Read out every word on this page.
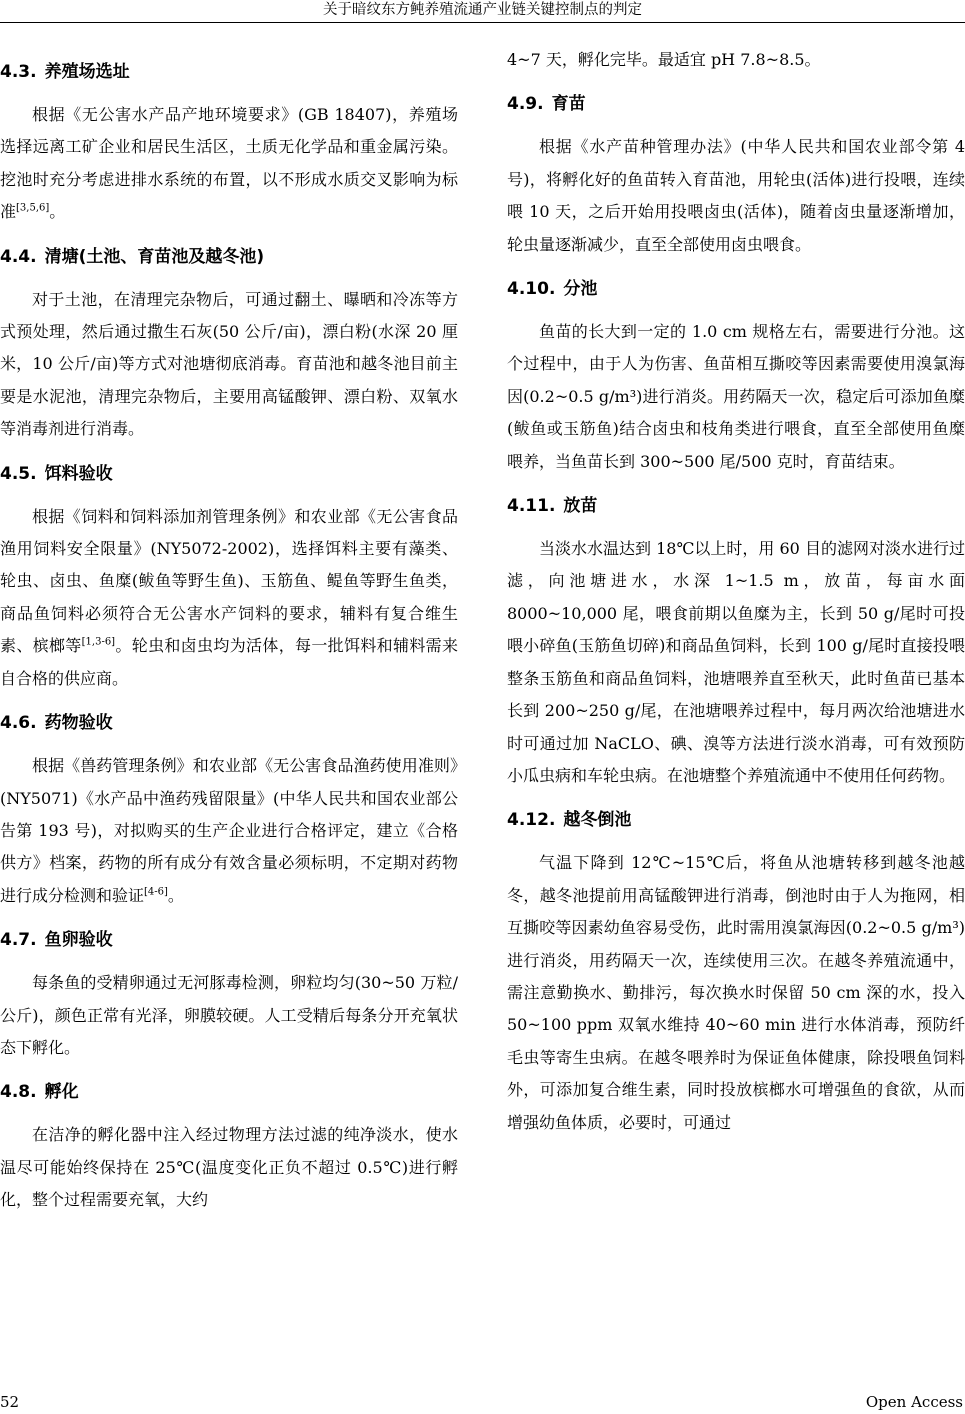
关于暗纹东方鲀养殖流通产业链关键控制点的判定
4.3. 养殖场选址

根据《无公害水产品产地环境要求》(GB 18407)，养殖场选择远离工矿企业和居民生活区，土质无化学品和重金属污染。挖池时充分考虑进排水系统的布置，以不形成水质交叉影响为标准[3,5,6]。

4.4. 清塘(土池、育苗池及越冬池)

对于土池，在清理完杂物后，可通过翻土、曝晒和冷冻等方式预处理，然后通过撒生石灰(50 公斤/亩)，漂白粉(水深 20 厘米，10 公斤/亩)等方式对池塘彻底消毒。育苗池和越冬池目前主要是水泥池，清理完杂物后，主要用高锰酸钾、漂白粉、双氧水等消毒剂进行消毒。

4.5. 饵料验收

根据《饲料和饲料添加剂管理条例》和农业部《无公害食品渔用饲料安全限量》(NY5072-2002)，选择饵料主要有藻类、轮虫、卤虫、鱼糜(鲅鱼等野生鱼)、玉筋鱼、鳀鱼等野生鱼类，商品鱼饲料必须符合无公害水产饲料的要求，辅料有复合维生素、槟榔等[1,3-6]。轮虫和卤虫均为活体，每一批饵料和辅料需来自合格的供应商。

4.6. 药物验收

根据《兽药管理条例》和农业部《无公害食品渔药使用准则》(NY5071)《水产品中渔药残留限量》(中华人民共和国农业部公告第 193 号)，对拟购买的生产企业进行合格评定，建立《合格供方》档案，药物的所有成分有效含量必须标明，不定期对药物进行成分检测和验证[4-6]。

4.7. 鱼卵验收

每条鱼的受精卵通过无河豚毒检测，卵粒均匀(30~50 万粒/公斤)，颜色正常有光泽，卵膜较硬。人工受精后每条分开充氧状态下孵化。

4.8. 孵化

在洁净的孵化器中注入经过物理方法过滤的纯净淡水，使水温尽可能始终保持在 25℃(温度变化正负不超过 0.5℃)进行孵化，整个过程需要充氧，大约

4~7 天，孵化完毕。最适宜 pH 7.8~8.5。

4.9. 育苗

根据《水产苗种管理办法》(中华人民共和国农业部令第 4 号)，将孵化好的鱼苗转入育苗池，用轮虫(活体)进行投喂，连续喂 10 天，之后开始用投喂卤虫(活体)，随着卤虫量逐渐增加，轮虫量逐渐减少，直至全部使用卤虫喂食。

4.10. 分池

鱼苗的长大到一定的 1.0 cm 规格左右，需要进行分池。这个过程中，由于人为伤害、鱼苗相互撕咬等因素需要使用溴氯海因(0.2~0.5 g/m³)进行消炎。用药隔天一次，稳定后可添加鱼糜(鲅鱼或玉筋鱼)结合卤虫和枝角类进行喂食，直至全部使用鱼糜喂养，当鱼苗长到 300~500 尾/500 克时，育苗结束。

4.11. 放苗

当淡水水温达到 18℃以上时，用 60 目的滤网对淡水进行过滤，向池塘进水，水深 1~1.5 m，放苗，每亩水面 8000~10,000 尾，喂食前期以鱼糜为主，长到 50 g/尾时可投喂小碎鱼(玉筋鱼切碎)和商品鱼饲料，长到 100 g/尾时直接投喂整条玉筋鱼和商品鱼饲料，池塘喂养直至秋天，此时鱼苗已基本长到 200~250 g/尾，在池塘喂养过程中，每月两次给池塘进水时可通过加 NaCLO、碘、溴等方法进行淡水消毒，可有效预防小瓜虫病和车轮虫病。在池塘整个养殖流通中不使用任何药物。

4.12. 越冬倒池

气温下降到 12℃~15℃后，将鱼从池塘转移到越冬池越冬，越冬池提前用高锰酸钾进行消毒，倒池时由于人为拖网，相互撕咬等因素幼鱼容易受伤，此时需用溴氯海因(0.2~0.5 g/m³)进行消炎，用药隔天一次，连续使用三次。在越冬养殖流通中，需注意勤换水、勤排污，每次换水时保留 50 cm 深的水，投入 50~100 ppm 双氧水维持 40~60 min 进行水体消毒，预防纤毛虫等寄生虫病。在越冬喂养时为保证鱼体健康，除投喂鱼饲料外，可添加复合维生素，同时投放槟榔水可增强鱼的食欲，从而增强幼鱼体质，必要时，可通过

52	Open Access
